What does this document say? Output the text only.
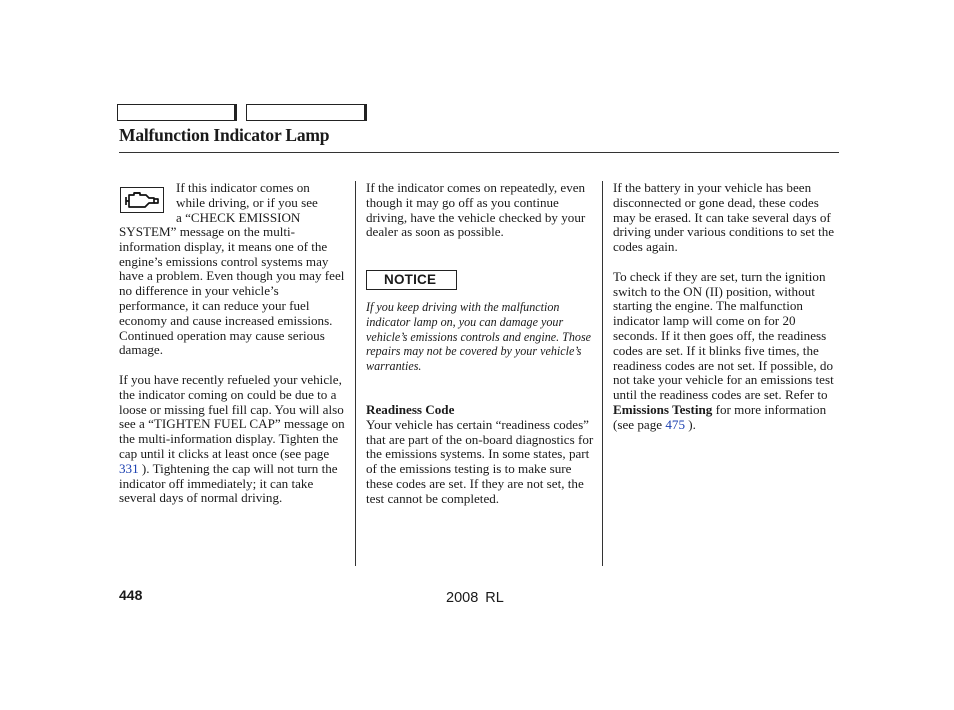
Malfunction Indicator Lamp
If this indicator comes on
while driving, or if you see
a “CHECK EMISSION

SYSTEM” message on the multi-information display, it means one of the engine’s emissions control systems may have a problem. Even though you may feel no difference in your vehicle’s performance, it can reduce your fuel economy and cause increased emissions. Continued operation may cause serious damage.

If you have recently refueled your vehicle, the indicator coming on could be due to a loose or missing fuel fill cap. You will also see a “TIGHTEN FUEL CAP” message on the multi-information display. Tighten the cap until it clicks at least once (see page 331 ). Tightening the cap will not turn the indicator off immediately; it can take several days of normal driving.

If the indicator comes on repeatedly, even though it may go off as you continue driving, have the vehicle checked by your dealer as soon as possible.

NOTICE
If you keep driving with the malfunction indicator lamp on, you can damage your vehicle’s emissions controls and engine. Those repairs may not be covered by your vehicle’s warranties.

Readiness Code

Your vehicle has certain “readiness codes” that are part of the on-board diagnostics for the emissions systems. In some states, part of the emissions testing is to make sure these codes are set. If they are not set, the test cannot be completed.

If the battery in your vehicle has been disconnected or gone dead, these codes may be erased. It can take several days of driving under various conditions to set the codes again.

To check if they are set, turn the ignition switch to the ON (II) position, without starting the engine. The malfunction indicator lamp will come on for 20 seconds. If it then goes off, the readiness codes are set. If it blinks five times, the readiness codes are not set. If possible, do not take your vehicle for an emissions test until the readiness codes are set. Refer to Emissions Testing for more information (see page 475 ).

448	2008 RL
